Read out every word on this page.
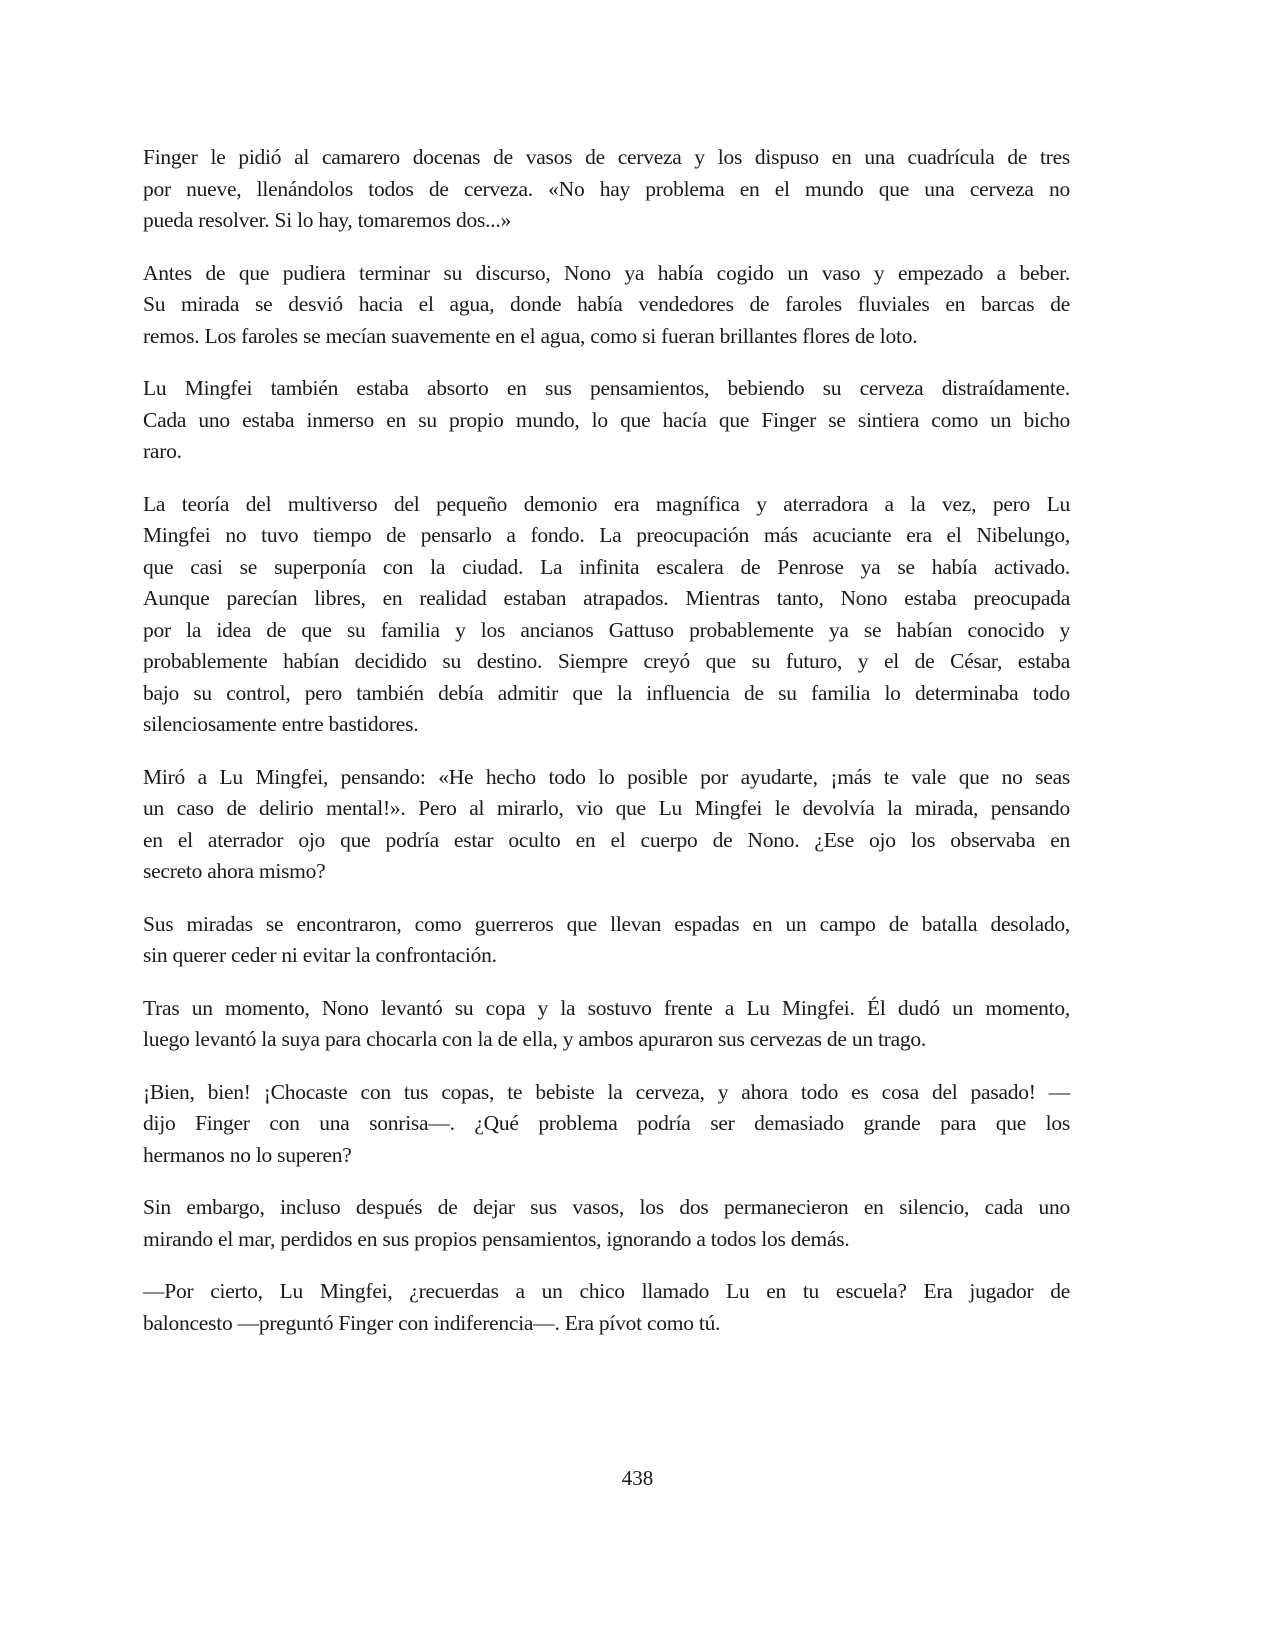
Finger le pidió al camarero docenas de vasos de cerveza y los dispuso en una cuadrícula de tres
por nueve, llenándolos todos de cerveza. «No hay problema en el mundo que una cerveza no
pueda resolver. Si lo hay, tomaremos dos...»
Antes de que pudiera terminar su discurso, Nono ya había cogido un vaso y empezado a beber.
Su mirada se desvió hacia el agua, donde había vendedores de faroles fluviales en barcas de
remos. Los faroles se mecían suavemente en el agua, como si fueran brillantes flores de loto.
Lu Mingfei también estaba absorto en sus pensamientos, bebiendo su cerveza distraídamente.
Cada uno estaba inmerso en su propio mundo, lo que hacía que Finger se sintiera como un bicho
raro.
La teoría del multiverso del pequeño demonio era magnífica y aterradora a la vez, pero Lu
Mingfei no tuvo tiempo de pensarlo a fondo. La preocupación más acuciante era el Nibelungo,
que casi se superponía con la ciudad. La infinita escalera de Penrose ya se había activado.
Aunque parecían libres, en realidad estaban atrapados. Mientras tanto, Nono estaba preocupada
por la idea de que su familia y los ancianos Gattuso probablemente ya se habían conocido y
probablemente habían decidido su destino. Siempre creyó que su futuro, y el de César, estaba
bajo su control, pero también debía admitir que la influencia de su familia lo determinaba todo
silenciosamente entre bastidores.
Miró a Lu Mingfei, pensando: «He hecho todo lo posible por ayudarte, ¡más te vale que no seas
un caso de delirio mental!». Pero al mirarlo, vio que Lu Mingfei le devolvía la mirada, pensando
en el aterrador ojo que podría estar oculto en el cuerpo de Nono. ¿Ese ojo los observaba en
secreto ahora mismo?
Sus miradas se encontraron, como guerreros que llevan espadas en un campo de batalla desolado,
sin querer ceder ni evitar la confrontación.
Tras un momento, Nono levantó su copa y la sostuvo frente a Lu Mingfei. Él dudó un momento,
luego levantó la suya para chocarla con la de ella, y ambos apuraron sus cervezas de un trago.
¡Bien, bien! ¡Chocaste con tus copas, te bebiste la cerveza, y ahora todo es cosa del pasado! —
dijo Finger con una sonrisa—. ¿Qué problema podría ser demasiado grande para que los
hermanos no lo superen?
Sin embargo, incluso después de dejar sus vasos, los dos permanecieron en silencio, cada uno
mirando el mar, perdidos en sus propios pensamientos, ignorando a todos los demás.
—Por cierto, Lu Mingfei, ¿recuerdas a un chico llamado Lu en tu escuela? Era jugador de
baloncesto —preguntó Finger con indiferencia—. Era pívot como tú.
438
